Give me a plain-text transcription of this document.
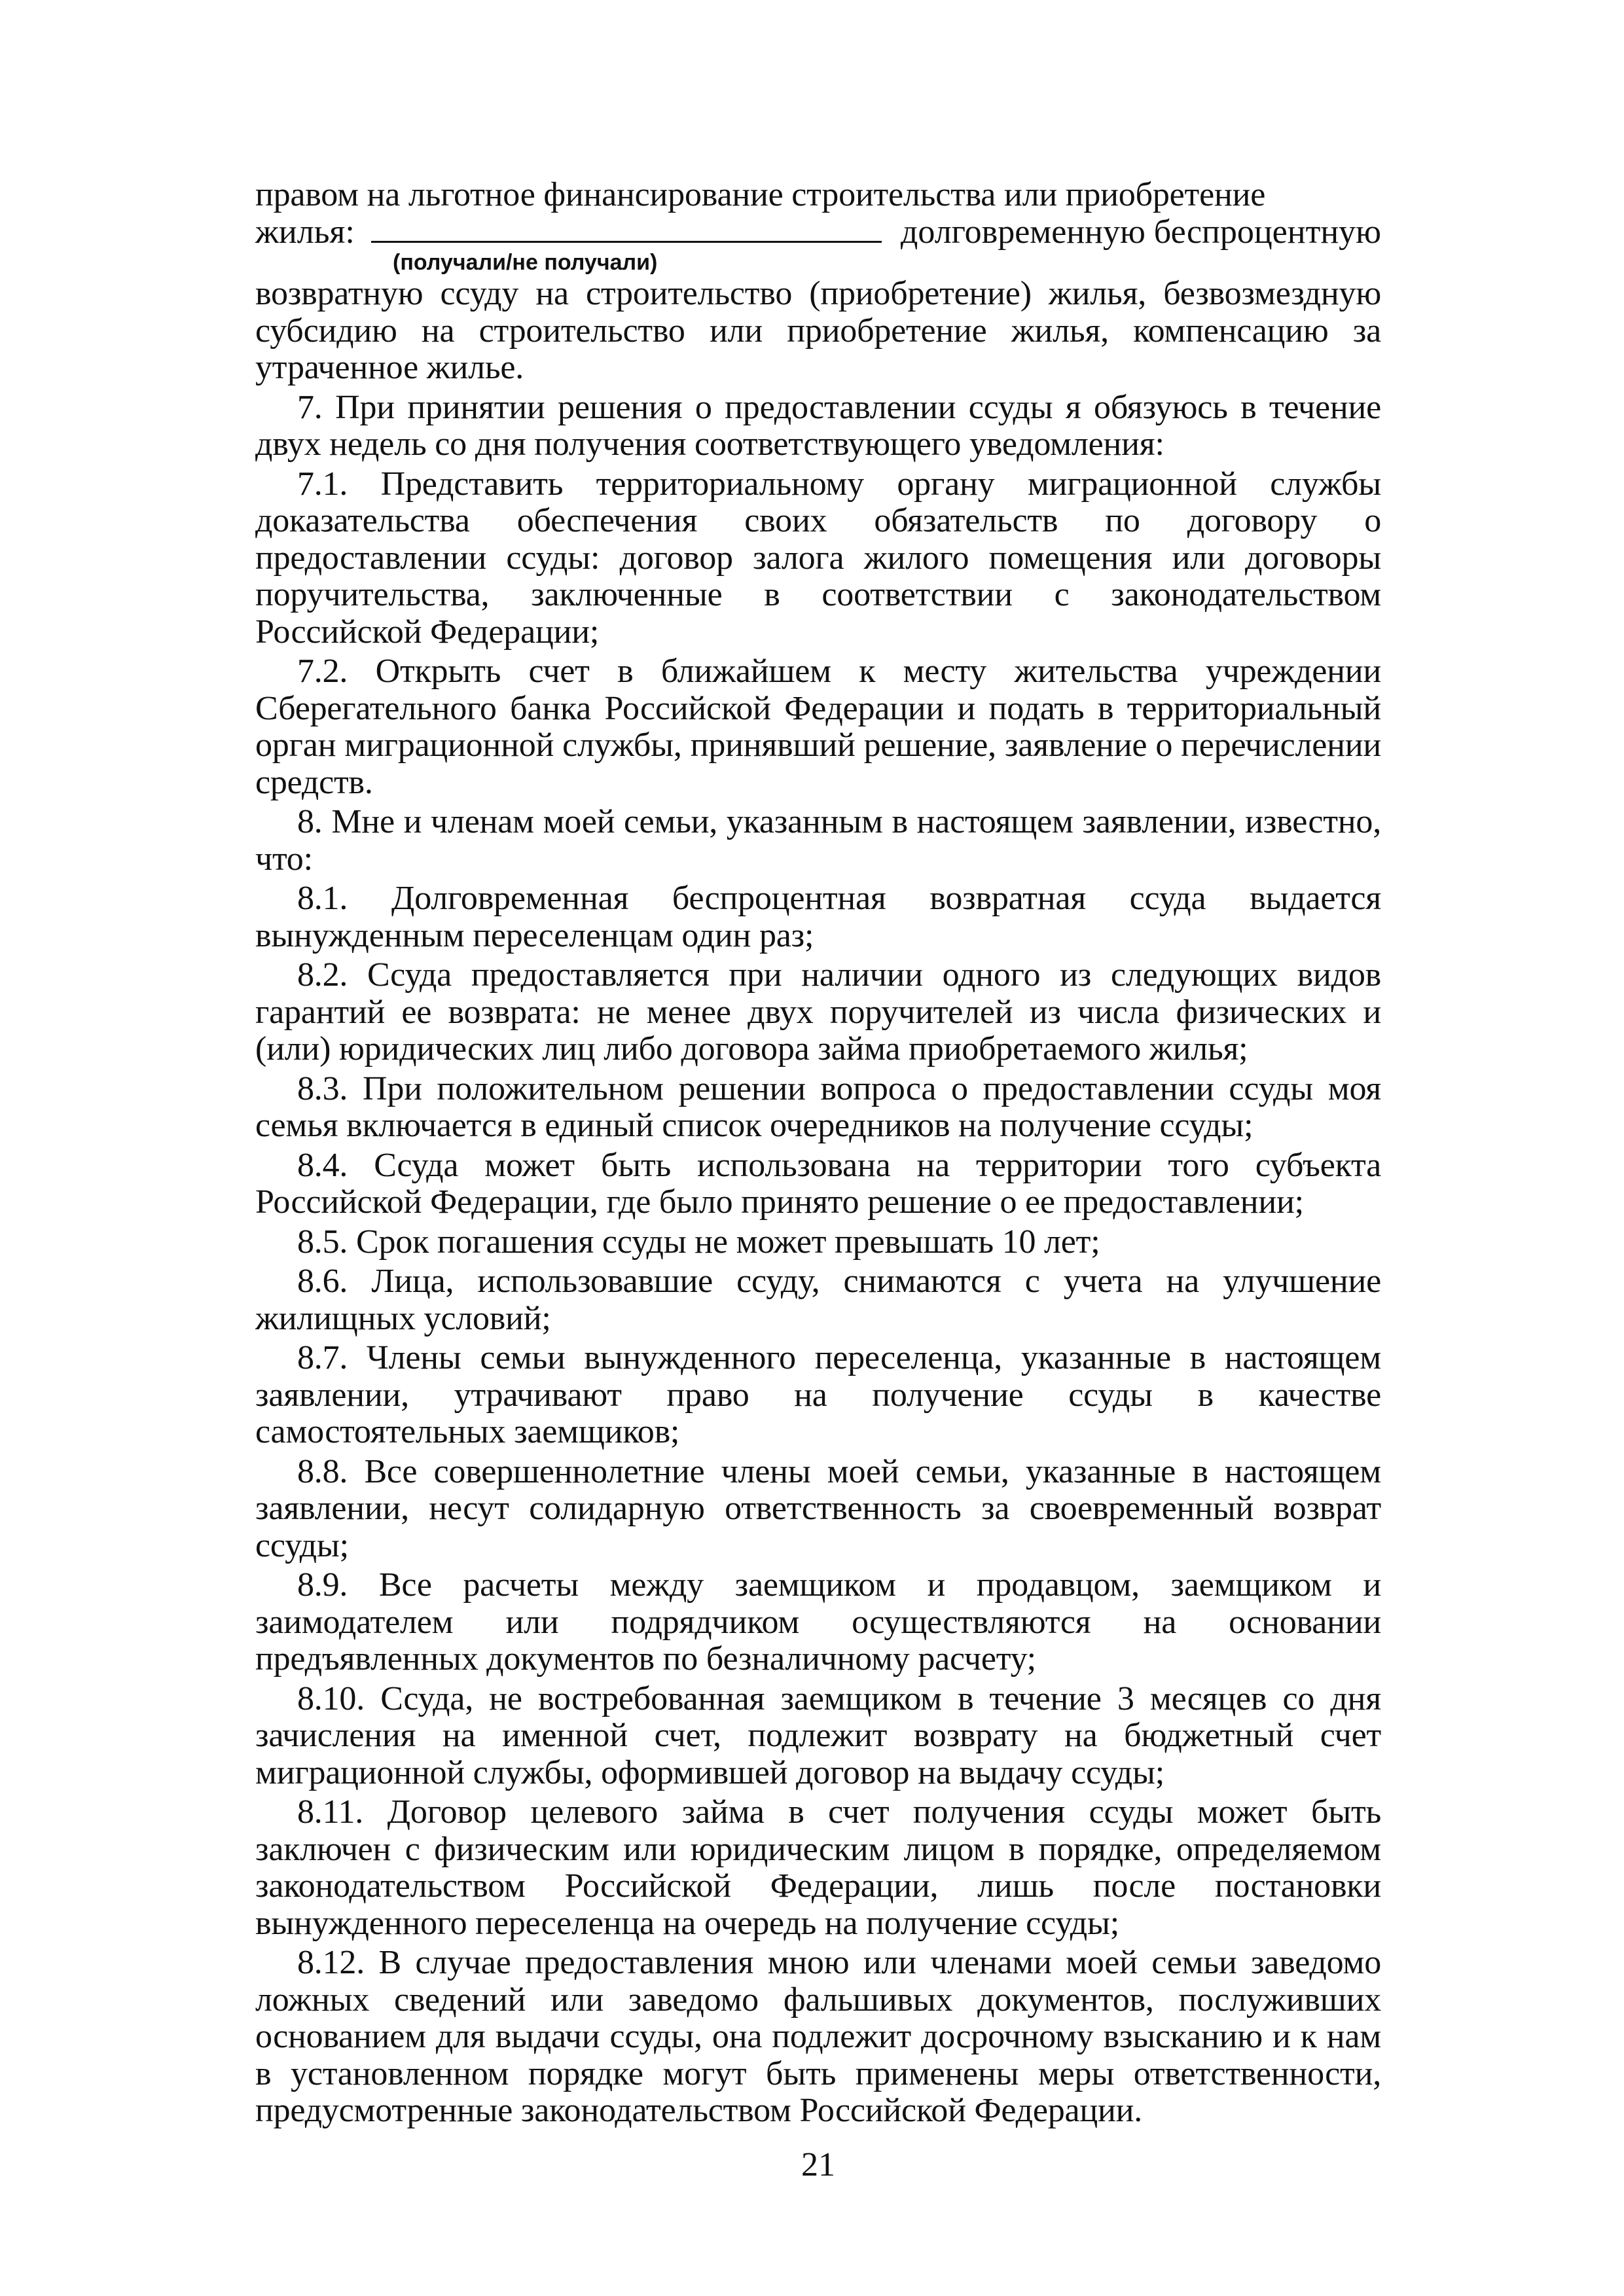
правом на льготное финансирование строительства или приобретение

жилья:	долговременную беспроцентную
(получали/не получали)

возвратную ссуду на строительство (приобретение) жилья, безвозмездную субсидию на строительство или приобретение жилья, компенсацию за утраченное жилье.

7. При принятии решения о предоставлении ссуды я обязуюсь в течение двух недель со дня получения соответствующего уведомления:

7.1. Представить территориальному органу миграционной службы доказательства обеспечения своих обязательств по договору о предоставлении ссуды: договор залога жилого помещения или договоры поручительства, заключенные в соответствии с законодательством Российской Федерации;

7.2. Открыть счет в ближайшем к месту жительства учреждении Сберегательного банка Российской Федерации и подать в территориальный орган миграционной службы, принявший решение, заявление о перечислении средств.

8. Мне и членам моей семьи, указанным в настоящем заявлении, известно, что:

8.1. Долговременная беспроцентная возвратная ссуда выдается вынужденным переселенцам один раз;

8.2. Ссуда предоставляется при наличии одного из следующих видов гарантий ее возврата: не менее двух поручителей из числа физических и (или) юридических лиц либо договора займа приобретаемого жилья;

8.3. При положительном решении вопроса о предоставлении ссуды моя семья включается в единый список очередников на получение ссуды;

8.4. Ссуда может быть использована на территории того субъекта Российской Федерации, где было принято решение о ее предоставлении;

8.5. Срок погашения ссуды не может превышать 10 лет;

8.6. Лица, использовавшие ссуду, снимаются с учета на улучшение жилищных условий;

8.7. Члены семьи вынужденного переселенца, указанные в настоящем заявлении, утрачивают право на получение ссуды в качестве самостоятельных заемщиков;

8.8. Все совершеннолетние члены моей семьи, указанные в настоящем заявлении, несут солидарную ответственность за своевременный возврат ссуды;

8.9. Все расчеты между заемщиком и продавцом, заемщиком и заимодателем или подрядчиком осуществляются на основании предъявленных документов по безналичному расчету;

8.10. Ссуда, не востребованная заемщиком в течение 3 месяцев со дня зачисления на именной счет, подлежит возврату на бюджетный счет миграционной службы, оформившей договор на выдачу ссуды;

8.11. Договор целевого займа в счет получения ссуды может быть заключен с физическим или юридическим лицом в порядке, определяемом законодательством Российской Федерации, лишь после постановки вынужденного переселенца на очередь на получение ссуды;

8.12. В случае предоставления мною или членами моей семьи заведомо ложных сведений или заведомо фальшивых документов, послуживших основанием для выдачи ссуды, она подлежит досрочному взысканию и к нам в установленном порядке могут быть применены меры ответственности, предусмотренные законодательством Российской Федерации.

21
